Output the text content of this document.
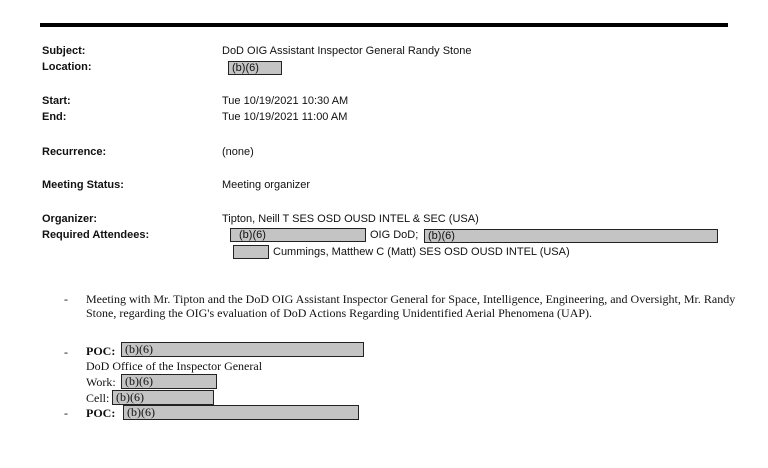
Subject:	DoD OIG Assistant Inspector General Randy Stone
Location:	(b)(6)
Start:	Tue 10/19/2021 10:30 AM
End:	Tue 10/19/2021 11:00 AM
Recurrence:	(none)
Meeting Status:	Meeting organizer
Organizer:	Tipton, Neill T SES OSD OUSD INTEL & SEC (USA)
Required Attendees:	(b)(6)	OIG DoD; (b)(6)
Cummings, Matthew C (Matt) SES OSD OUSD INTEL (USA)
- Meeting with Mr. Tipton and the DoD OIG Assistant Inspector General for Space, Intelligence, Engineering, and Oversight, Mr. Randy Stone, regarding the OIG's evaluation of DoD Actions Regarding Unidentified Aerial Phenomena (UAP).
- POC: (b)(6)
DoD Office of the Inspector General
Work: (b)(6)
Cell: (b)(6)
- POC: (b)(6)
